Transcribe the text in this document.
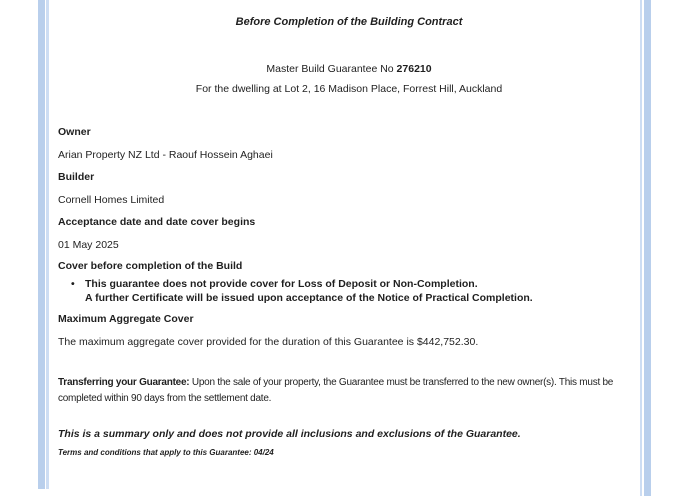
Before Completion of the Building Contract
Master Build Guarantee No 276210
For the dwelling at Lot 2, 16 Madison Place, Forrest Hill, Auckland
Owner
Arian Property NZ Ltd - Raouf Hossein Aghaei
Builder
Cornell Homes Limited
Acceptance date and date cover begins
01 May 2025
Cover before completion of the Build
• This guarantee does not provide cover for Loss of Deposit or Non-Completion.
A further Certificate will be issued upon acceptance of the Notice of Practical Completion.
Maximum Aggregate Cover
The maximum aggregate cover provided for the duration of this Guarantee is $442,752.30.
Transferring your Guarantee: Upon the sale of your property, the Guarantee must be transferred to the new owner(s). This must be completed within 90 days from the settlement date.
This is a summary only and does not provide all inclusions and exclusions of the Guarantee.
Terms and conditions that apply to this Guarantee: 04/24
